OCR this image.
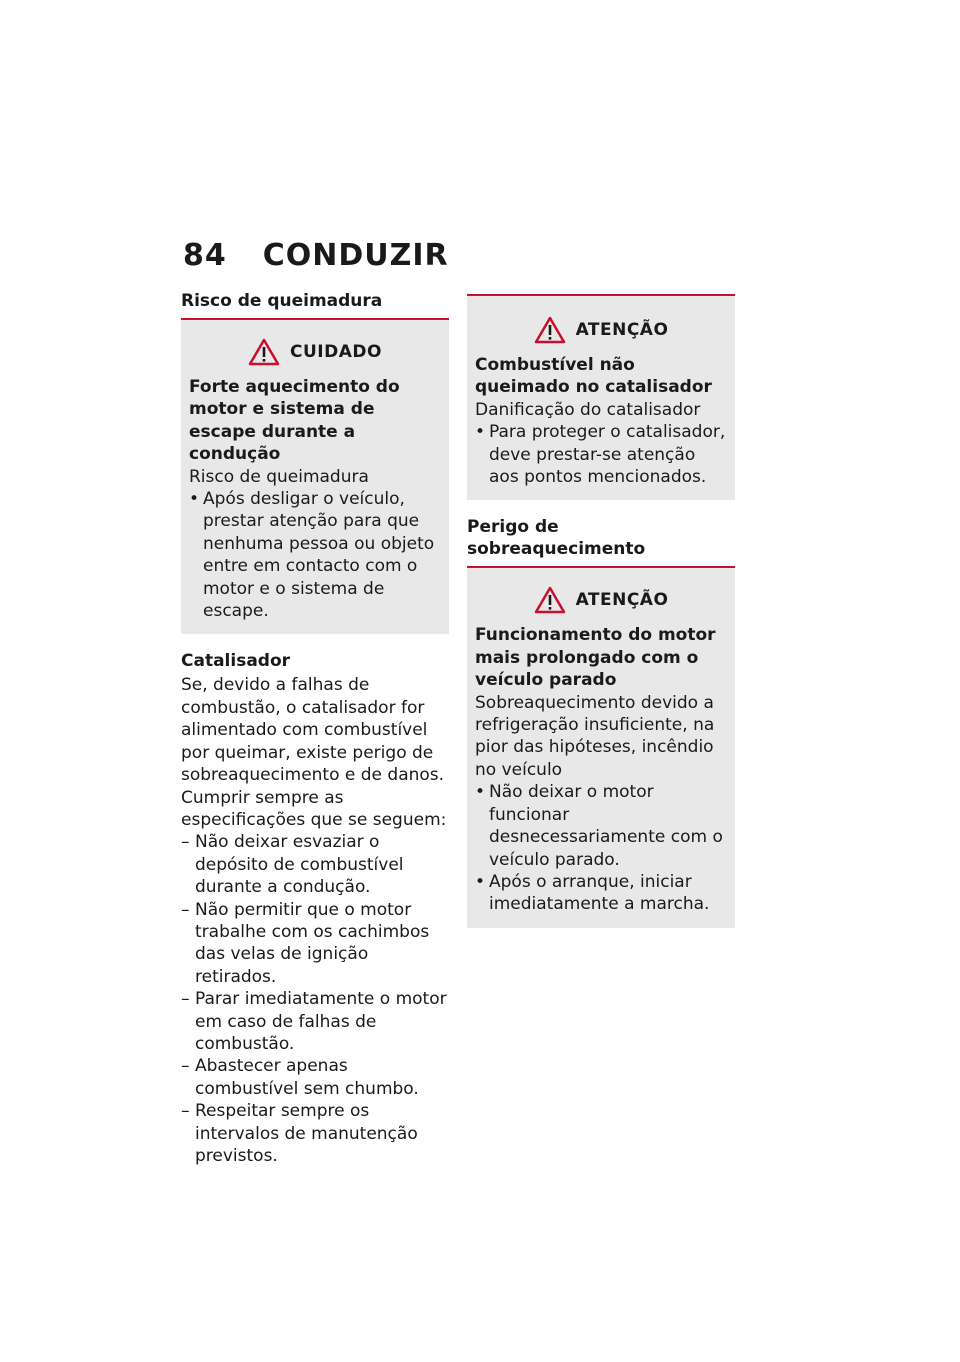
84 CONDUZIR
Risco de queimadura
CUIDADO
Forte aquecimento do motor e sistema de escape durante a condução
Risco de queimadura
• Após desligar o veículo, prestar atenção para que nenhuma pessoa ou objeto entre em contacto com o motor e o sistema de escape.
Catalisador
Se, devido a falhas de combustão, o catalisador for alimentado com combustível por queimar, existe perigo de sobreaquecimento e de danos. Cumprir sempre as especificações que se seguem:
– Não deixar esvaziar o depósito de combustível durante a condução.
– Não permitir que o motor trabalhe com os cachimbos das velas de ignição retirados.
– Parar imediatamente o motor em caso de falhas de combustão.
– Abastecer apenas combustível sem chumbo.
– Respeitar sempre os intervalos de manutenção previstos.
ATENÇÃO
Combustível não queimado no catalisador
Danificação do catalisador
• Para proteger o catalisador, deve prestar-se atenção aos pontos mencionados.
Perigo de sobreaquecimento
ATENÇÃO
Funcionamento do motor mais prolongado com o veículo parado
Sobreaquecimento devido a refrigeração insuficiente, na pior das hipóteses, incêndio no veículo
• Não deixar o motor funcionar desnecessariamente com o veículo parado.
• Após o arranque, iniciar imediatamente a marcha.
